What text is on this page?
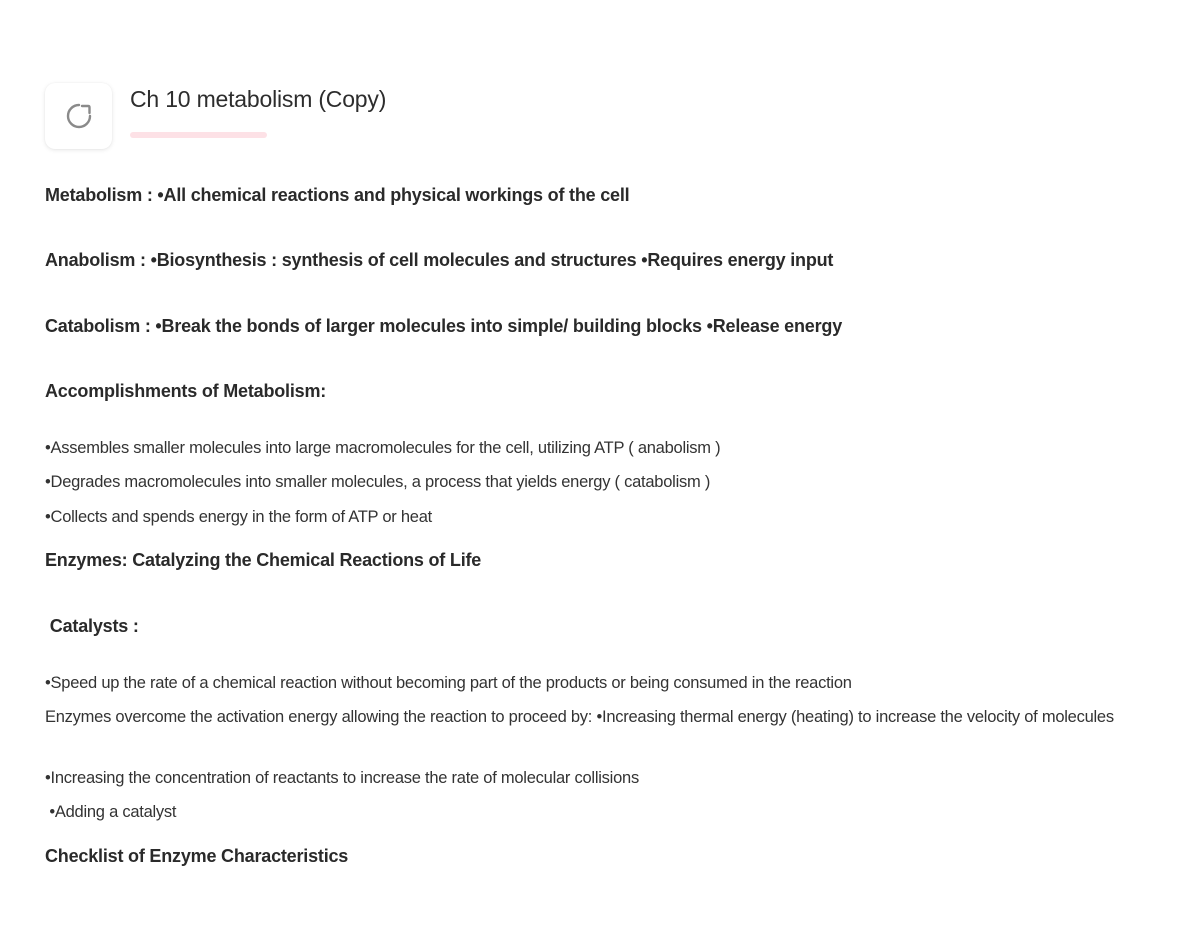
Ch 10 metabolism (Copy)
Metabolism : •All chemical reactions and physical workings of the cell
Anabolism : •Biosynthesis : synthesis of cell molecules and structures •Requires energy input
Catabolism : •Break the bonds of larger molecules into simple/ building blocks •Release energy
Accomplishments of Metabolism:
•Assembles smaller molecules into large macromolecules for the cell, utilizing ATP ( anabolism )
•Degrades macromolecules into smaller molecules, a process that yields energy ( catabolism )
•Collects and spends energy in the form of ATP or heat
Enzymes: Catalyzing the Chemical Reactions of Life
Catalysts :
•Speed up the rate of a chemical reaction without becoming part of the products or being consumed in the reaction
Enzymes overcome the activation energy allowing the reaction to proceed by: •Increasing thermal energy (heating) to increase the velocity of molecules
•Increasing the concentration of reactants to increase the rate of molecular collisions
•Adding a catalyst
Checklist of Enzyme Characteristics
